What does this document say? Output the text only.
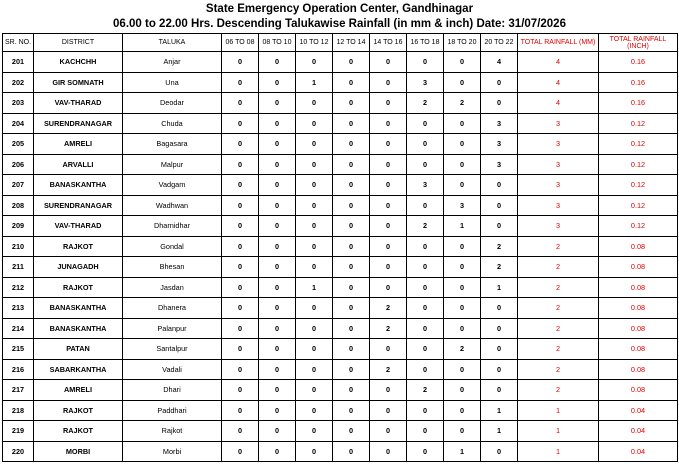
State Emergency Operation Center, Gandhinagar
06.00 to 22.00 Hrs. Descending Talukawise Rainfall (in mm & inch) Date: 31/07/2026
SR. NO.	DISTRICT	TALUKA	06 TO 08	08 TO 10	10 TO 12	12 TO 14	14 TO 16	16 TO 18	18 TO 20	20 TO 22	TOTAL RAINFALL (MM)	TOTAL RAINFALL (INCH)
201	KACHCHH	Anjar	0	0	0	0	0	0	0	4	4	0.16
202	GIR SOMNATH	Una	0	0	1	0	0	3	0	0	4	0.16
203	VAV-THARAD	Deodar	0	0	0	0	0	2	2	0	4	0.16
204	SURENDRANAGAR	Chuda	0	0	0	0	0	0	0	3	3	0.12
205	AMRELI	Bagasara	0	0	0	0	0	0	0	3	3	0.12
206	ARVALLI	Malpur	0	0	0	0	0	0	0	3	3	0.12
207	BANASKANTHA	Vadgam	0	0	0	0	0	3	0	0	3	0.12
208	SURENDRANAGAR	Wadhwan	0	0	0	0	0	0	3	0	3	0.12
209	VAV-THARAD	Dharnidhar	0	0	0	0	0	2	1	0	3	0.12
210	RAJKOT	Gondal	0	0	0	0	0	0	0	2	2	0.08
211	JUNAGADH	Bhesan	0	0	0	0	0	0	0	2	2	0.08
212	RAJKOT	Jasdan	0	0	1	0	0	0	0	1	2	0.08
213	BANASKANTHA	Dhanera	0	0	0	0	2	0	0	0	2	0.08
214	BANASKANTHA	Palanpur	0	0	0	0	2	0	0	0	2	0.08
215	PATAN	Santalpur	0	0	0	0	0	0	2	0	2	0.08
216	SABARKANTHA	Vadali	0	0	0	0	2	0	0	0	2	0.08
217	AMRELI	Dhari	0	0	0	0	0	2	0	0	2	0.08
218	RAJKOT	Paddhari	0	0	0	0	0	0	0	1	1	0.04
219	RAJKOT	Rajkot	0	0	0	0	0	0	0	1	1	0.04
220	MORBI	Morbi	0	0	0	0	0	0	1	0	1	0.04
